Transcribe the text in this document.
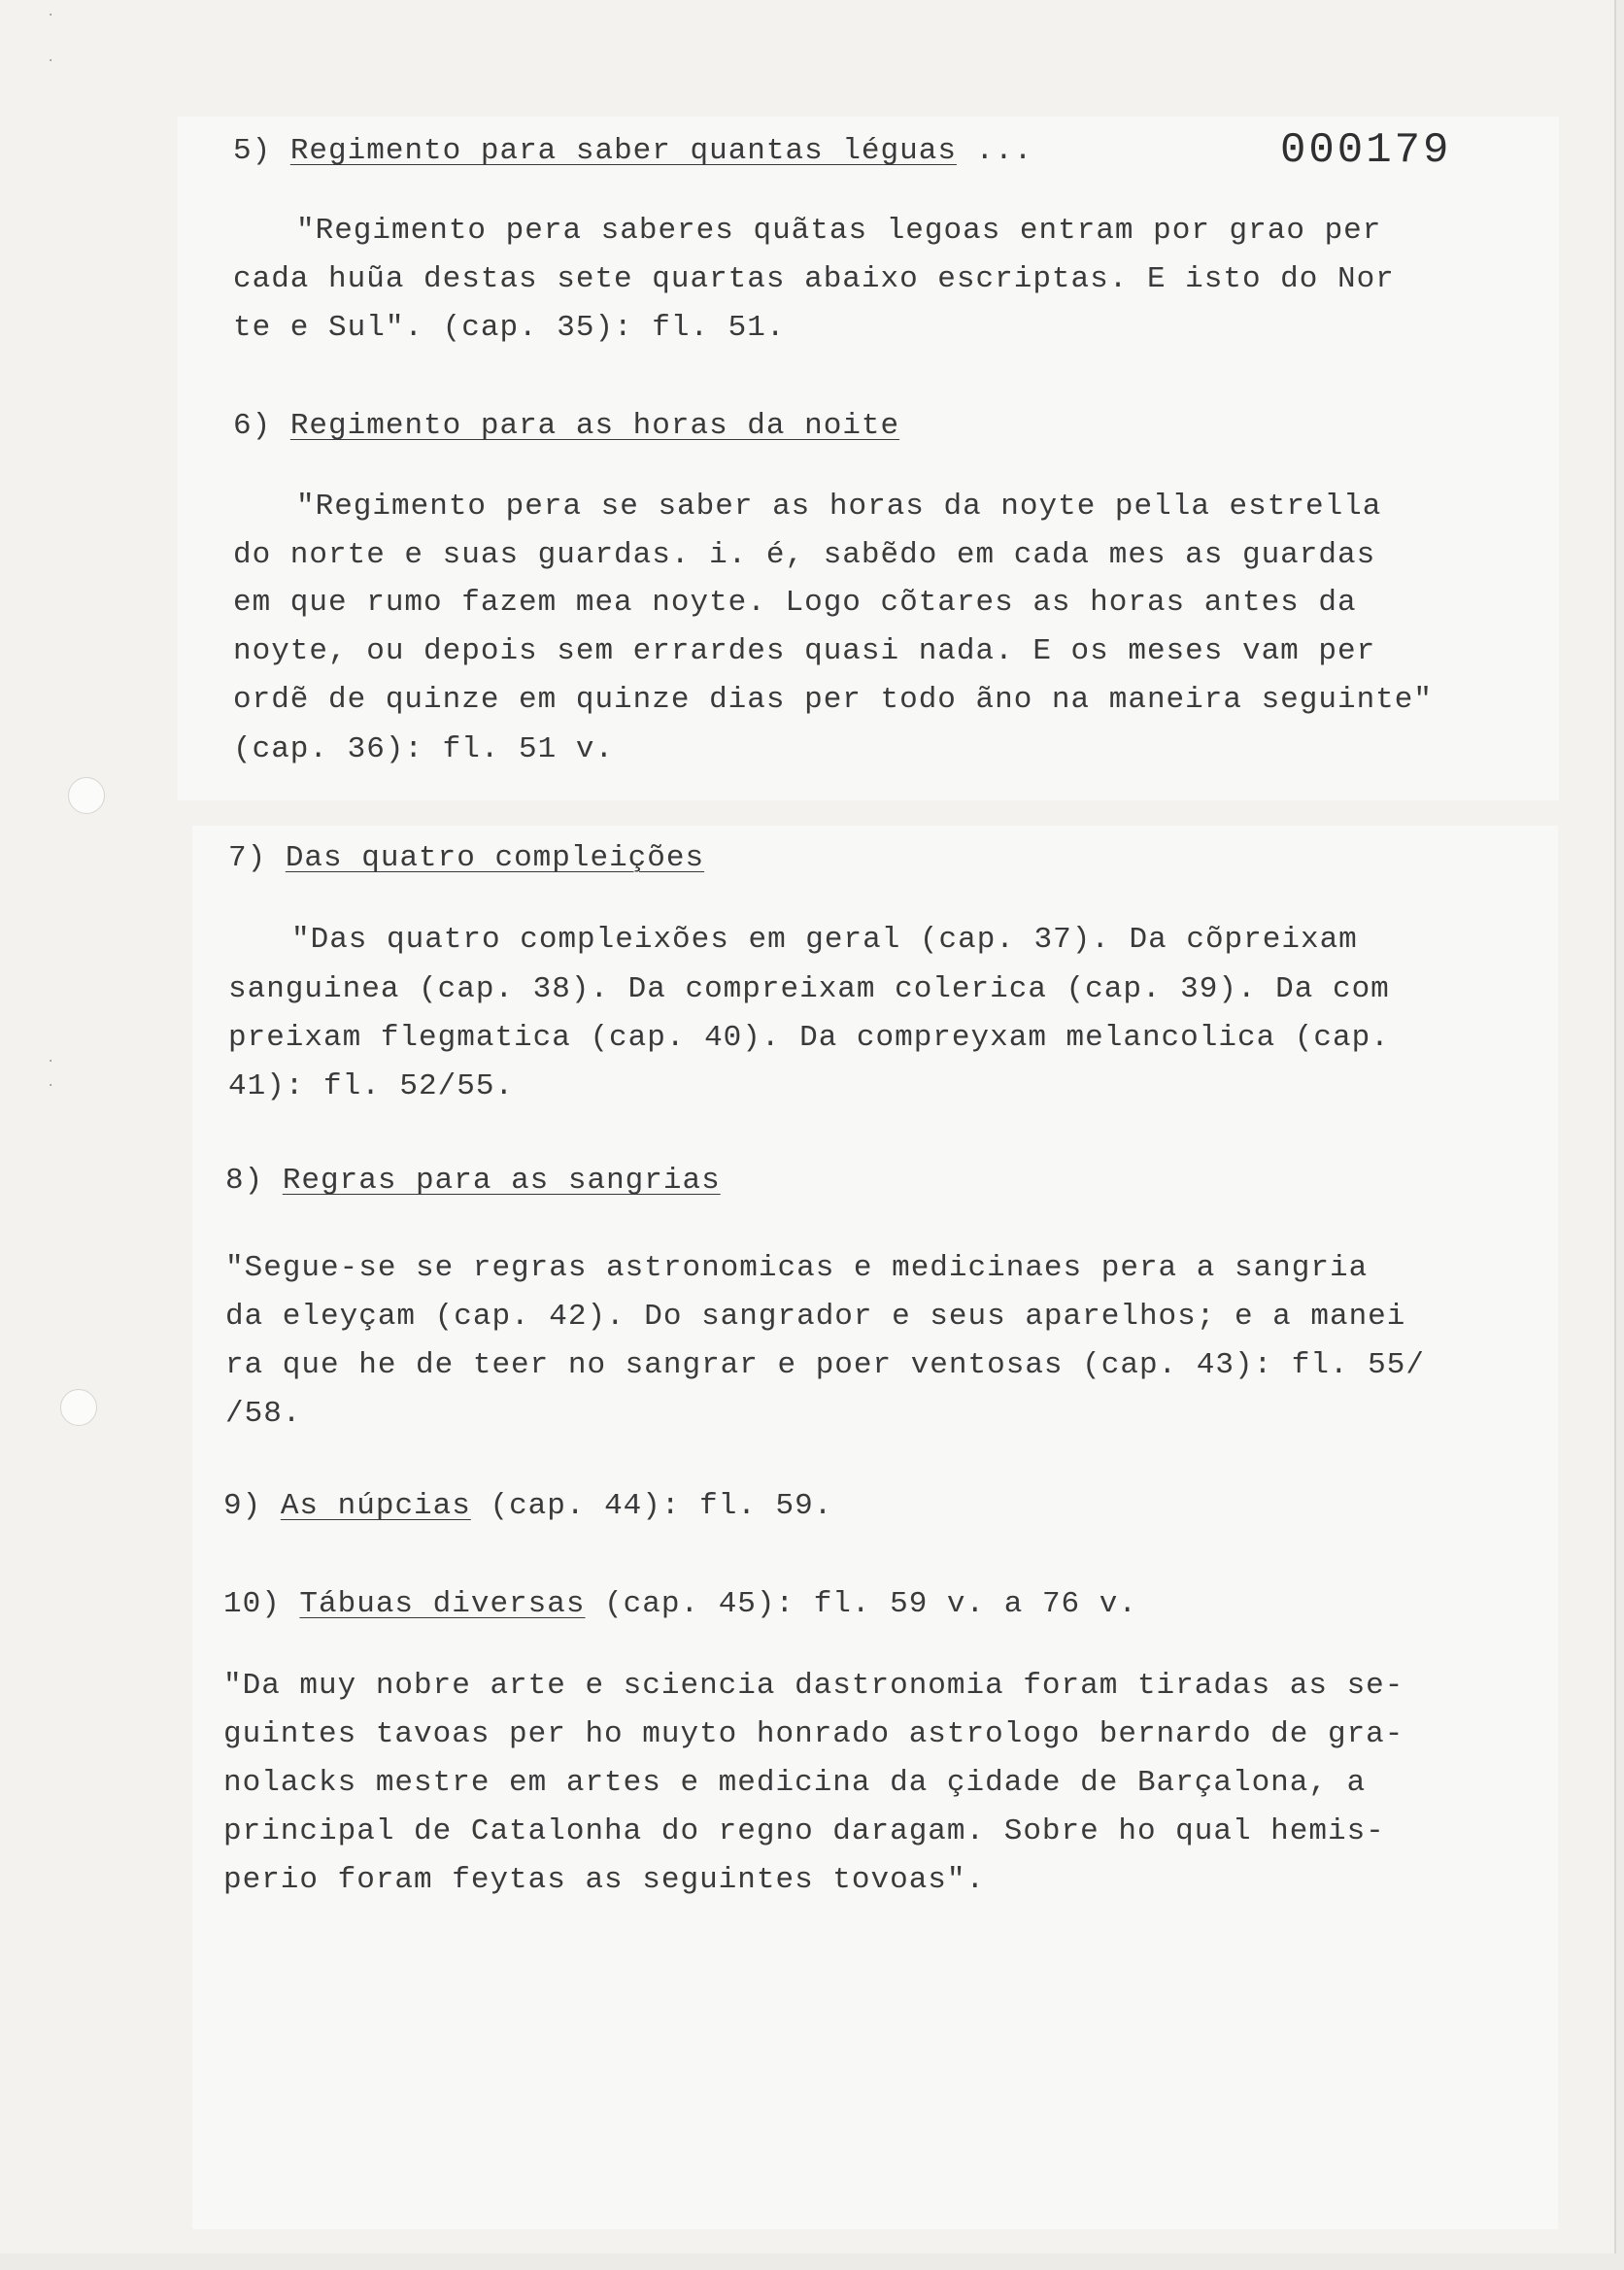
·
·
·
·
000179

5) Regimento para saber quantas léguas ...

"Regimento pera saberes quãtas legoas entram por grao per

cada huũa destas sete quartas abaixo escriptas. E isto do Nor

te e Sul". (cap. 35): fl. 51.

6) Regimento para as horas da noite

"Regimento pera se saber as horas da noyte pella estrella

do norte e suas guardas. i. é, sabẽdo em cada mes as guardas

em que rumo fazem mea noyte. Logo cõtares as horas antes da

noyte, ou depois sem errardes quasi nada. E os meses vam per

ordẽ de quinze em quinze dias per todo ãno na maneira seguinte"

(cap. 36): fl. 51 v.

7) Das quatro compleições

"Das quatro compleixões em geral (cap. 37). Da cõpreixam

sanguinea (cap. 38). Da compreixam colerica (cap. 39). Da com

preixam flegmatica (cap. 40). Da compreyxam melancolica (cap.

41): fl. 52/55.

8) Regras para as sangrias

"Segue-se se regras astronomicas e medicinaes pera a sangria

da eleyçam (cap. 42). Do sangrador e seus aparelhos; e a manei

ra que he de teer no sangrar e poer ventosas (cap. 43): fl. 55/

/58.

9) As núpcias (cap. 44): fl. 59.

10) Tábuas diversas (cap. 45): fl. 59 v. a 76 v.

"Da muy nobre arte e sciencia dastronomia foram tiradas as se-

guintes tavoas per ho muyto honrado astrologo bernardo de gra-

nolacks mestre em artes e medicina da çidade de Barçalona, a

principal de Catalonha do regno daragam. Sobre ho qual hemis-

perio foram feytas as seguintes tovoas".
